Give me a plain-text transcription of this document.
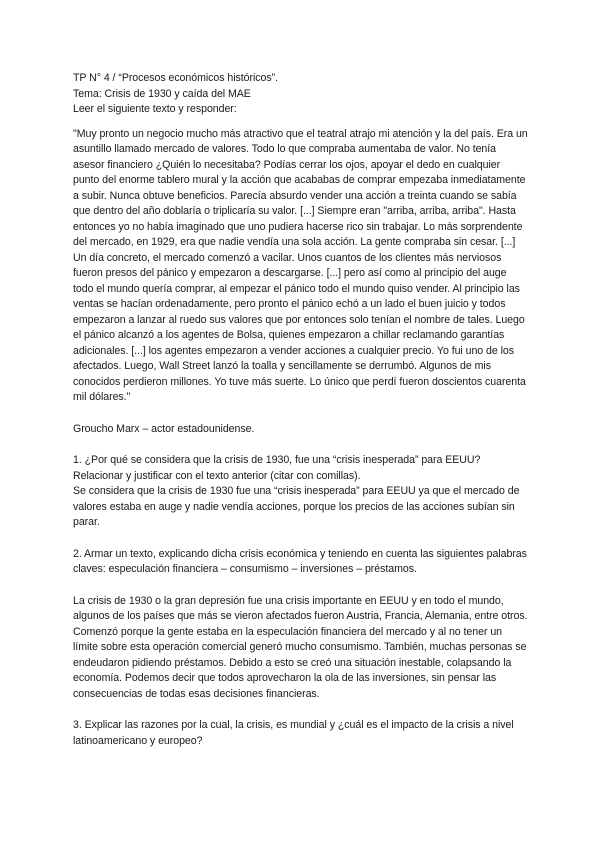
TP N° 4 / “Procesos económicos históricos”.
Tema: Crisis de 1930 y caída del MAE
Leer el siguiente texto y responder:

"Muy pronto un negocio mucho más atractivo que el teatral atrajo mi atención y la del país. Era un asuntillo llamado mercado de valores. Todo lo que compraba aumentaba de valor. No tenía asesor financiero ¿Quién lo necesitaba? Podías cerrar los ojos, apoyar el dedo en cualquier punto del enorme tablero mural y la acción que acababas de comprar empezaba inmediatamente a subir. Nunca obtuve beneficios. Parecía absurdo vender una acción a treinta cuando se sabía que dentro del año doblaría o triplicaría su valor. [...] Siempre eran "arriba, arriba, arriba". Hasta entonces yo no había imaginado que uno pudiera hacerse rico sin trabajar. Lo más sorprendente del mercado, en 1929, era que nadie vendía una sola acción. La gente compraba sin cesar. [...] Un día concreto, el mercado comenzó a vacilar. Unos cuantos de los clientes más nerviosos fueron presos del pánico y empezaron a descargarse. [...] pero así como al principio del auge todo el mundo quería comprar, al empezar el pánico todo el mundo quiso vender. Al principio las ventas se hacían ordenadamente, pero pronto el pánico echó a un lado el buen juicio y todos empezaron a lanzar al ruedo sus valores que por entonces solo tenían el nombre de tales. Luego el pánico alcanzó a los agentes de Bolsa, quienes empezaron a chillar reclamando garantías adicionales. [...] los agentes empezaron a vender acciones a cualquier precio. Yo fui uno de los afectados. Luego, Wall Street lanzó la toalla y sencillamente se derrumbó. Algunos de mis conocidos perdieron millones. Yo tuve más suerte. Lo único que perdí fueron doscientos cuarenta mil dólares."

Groucho Marx – actor estadounidense.

1. ¿Por qué se considera que la crisis de 1930, fue una “crisis inesperada” para EEUU? Relacionar y justificar con el texto anterior (citar con comillas).

Se considera que la crisis de 1930 fue una “crisis inesperada” para EEUU ya que el mercado de valores estaba en auge y nadie vendía acciones, porque los precios de las acciones subían sin parar.

2. Armar un texto, explicando dicha crisis económica y teniendo en cuenta las siguientes palabras claves: especulación financiera – consumismo – inversiones – préstamos.

La crisis de 1930 o la gran depresión fue una crisis importante en EEUU y en todo el mundo, algunos de los países que más se vieron afectados fueron Austria, Francia, Alemania, entre otros. Comenzó porque la gente estaba en la especulación financiera del mercado y al no tener un límite sobre esta operación comercial generó mucho consumismo. También, muchas personas se endeudaron pidiendo préstamos. Debido a esto se creó una situación inestable, colapsando la economía. Podemos decir que todos aprovecharon la ola de las inversiones, sin pensar las consecuencias de todas esas decisiones financieras.

3. Explicar las razones por la cual, la crisis, es mundial y ¿cuál es el impacto de la crisis a nivel latinoamericano y europeo?
